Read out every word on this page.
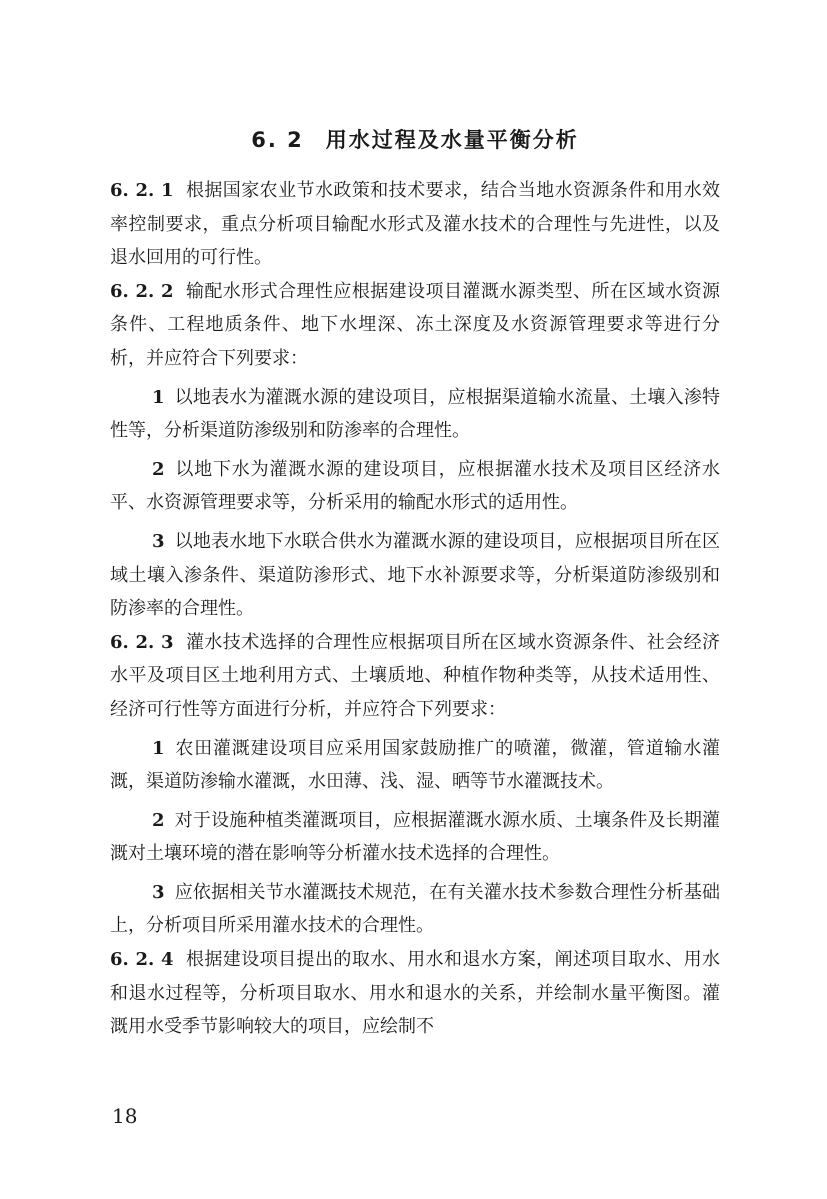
6. 2 用水过程及水量平衡分析

6. 2. 1 根据国家农业节水政策和技术要求，结合当地水资源条件和用水效率控制要求，重点分析项目输配水形式及灌水技术的合理性与先进性，以及退水回用的可行性。

6. 2. 2 输配水形式合理性应根据建设项目灌溉水源类型、所在区域水资源条件、工程地质条件、地下水埋深、冻土深度及水资源管理要求等进行分析，并应符合下列要求：

1 以地表水为灌溉水源的建设项目，应根据渠道输水流量、土壤入渗特性等，分析渠道防渗级别和防渗率的合理性。

2 以地下水为灌溉水源的建设项目，应根据灌水技术及项目区经济水平、水资源管理要求等，分析采用的输配水形式的适用性。

3 以地表水地下水联合供水为灌溉水源的建设项目，应根据项目所在区域土壤入渗条件、渠道防渗形式、地下水补源要求等，分析渠道防渗级别和防渗率的合理性。

6. 2. 3 灌水技术选择的合理性应根据项目所在区域水资源条件、社会经济水平及项目区土地利用方式、土壤质地、种植作物种类等，从技术适用性、经济可行性等方面进行分析，并应符合下列要求：

1 农田灌溉建设项目应采用国家鼓励推广的喷灌，微灌，管道输水灌溉，渠道防渗输水灌溉，水田薄、浅、湿、晒等节水灌溉技术。

2 对于设施种植类灌溉项目，应根据灌溉水源水质、土壤条件及长期灌溉对土壤环境的潜在影响等分析灌水技术选择的合理性。

3 应依据相关节水灌溉技术规范，在有关灌水技术参数合理性分析基础上，分析项目所采用灌水技术的合理性。

6. 2. 4 根据建设项目提出的取水、用水和退水方案，阐述项目取水、用水和退水过程等，分析项目取水、用水和退水的关系，并绘制水量平衡图。灌溉用水受季节影响较大的项目，应绘制不

18
